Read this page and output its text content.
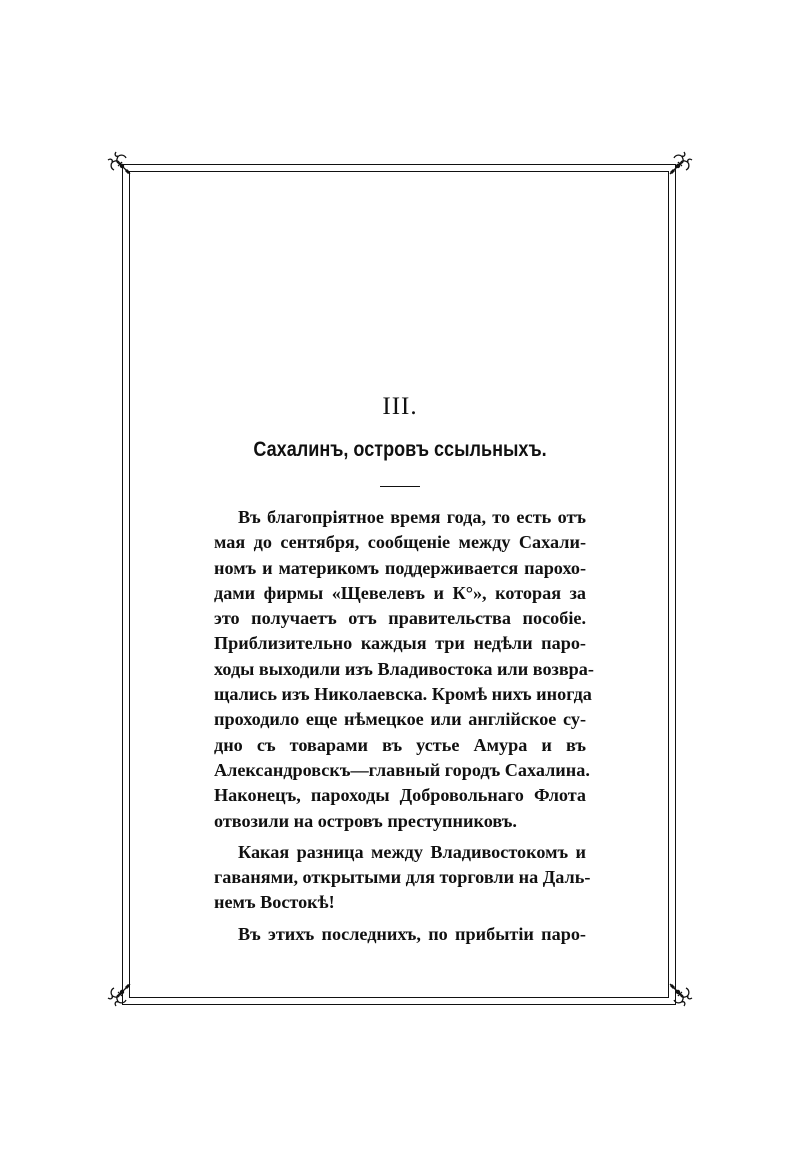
III.
Сахалинъ, островъ ссыльныхъ.
Въ благопріятное время года, то есть отъ
мая до сентября, сообщеніе между Сахали-
номъ и материкомъ поддерживается парохо-
дами фирмы «Щевелевъ и К°», которая за
это получаетъ отъ правительства пособіе.
Приблизительно каждыя три недѣли паро-
ходы выходили изъ Владивостока или возвра-
щались изъ Николаевска. Кромѣ нихъ иногда
проходило еще нѣмецкое или англійское су-
дно съ товарами въ устье Амура и въ
Александровскъ—главный городъ Сахалина.
Наконецъ, пароходы Добровольнаго Флота
отвозили на островъ преступниковъ.
Какая разница между Владивостокомъ и
гаванями, открытыми для торговли на Даль-
немъ Востокѣ!
Въ этихъ последнихъ, по прибытіи паро-
